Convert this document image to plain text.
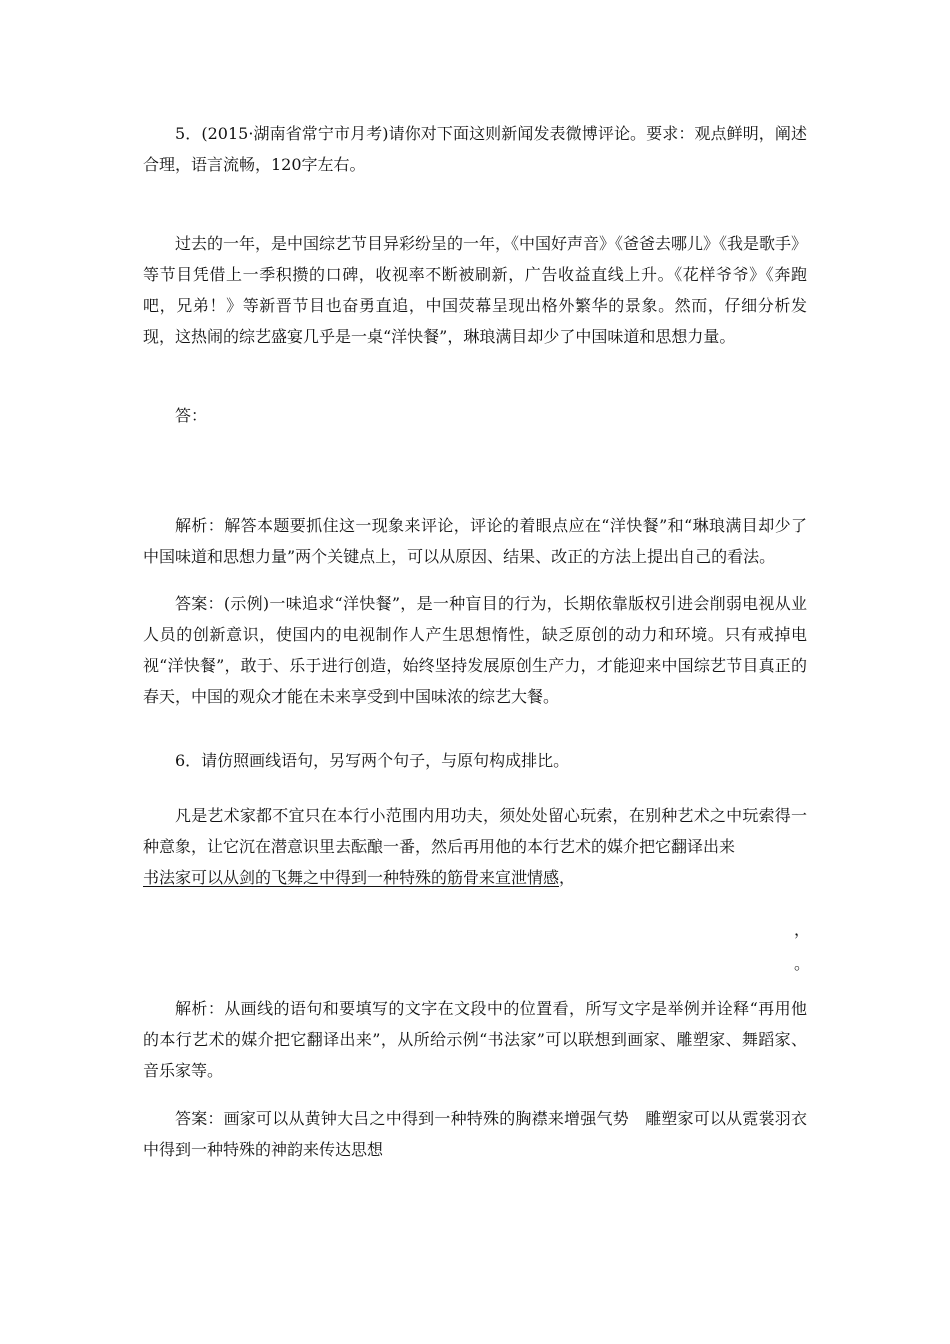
5．(2015·湖南省常宁市月考)请你对下面这则新闻发表微博评论。要求：观点鲜明，阐述合理，语言流畅，120字左右。

过去的一年，是中国综艺节目异彩纷呈的一年，《中国好声音》《爸爸去哪儿》《我是歌手》等节目凭借上一季积攒的口碑，收视率不断被刷新，广告收益直线上升。《花样爷爷》《奔跑吧，兄弟！》等新晋节目也奋勇直追，中国荧幕呈现出格外繁华的景象。然而，仔细分析发现，这热闹的综艺盛宴几乎是一桌“洋快餐”，琳琅满目却少了中国味道和思想力量。

答：

解析：解答本题要抓住这一现象来评论，评论的着眼点应在“洋快餐”和“琳琅满目却少了中国味道和思想力量”两个关键点上，可以从原因、结果、改正的方法上提出自己的看法。

答案：(示例)一味追求“洋快餐”，是一种盲目的行为，长期依靠版权引进会削弱电视从业人员的创新意识，使国内的电视制作人产生思想惰性，缺乏原创的动力和环境。只有戒掉电视“洋快餐”，敢于、乐于进行创造，始终坚持发展原创生产力，才能迎来中国综艺节目真正的春天，中国的观众才能在未来享受到中国味浓的综艺大餐。

6．请仿照画线语句，另写两个句子，与原句构成排比。

凡是艺术家都不宜只在本行小范围内用功夫，须处处留心玩索，在别种艺术之中玩索得一种意象，让它沉在潜意识里去酝酿一番，然后再用他的本行艺术的媒介把它翻译出来

书法家可以从剑的飞舞之中得到一种特殊的筋骨来宣泄情感，

，
。

解析：从画线的语句和要填写的文字在文段中的位置看，所写文字是举例并诠释“再用他的本行艺术的媒介把它翻译出来”，从所给示例“书法家”可以联想到画家、雕塑家、舞蹈家、音乐家等。

答案：画家可以从黄钟大吕之中得到一种特殊的胸襟来增强气势　雕塑家可以从霓裳羽衣中得到一种特殊的神韵来传达思想
